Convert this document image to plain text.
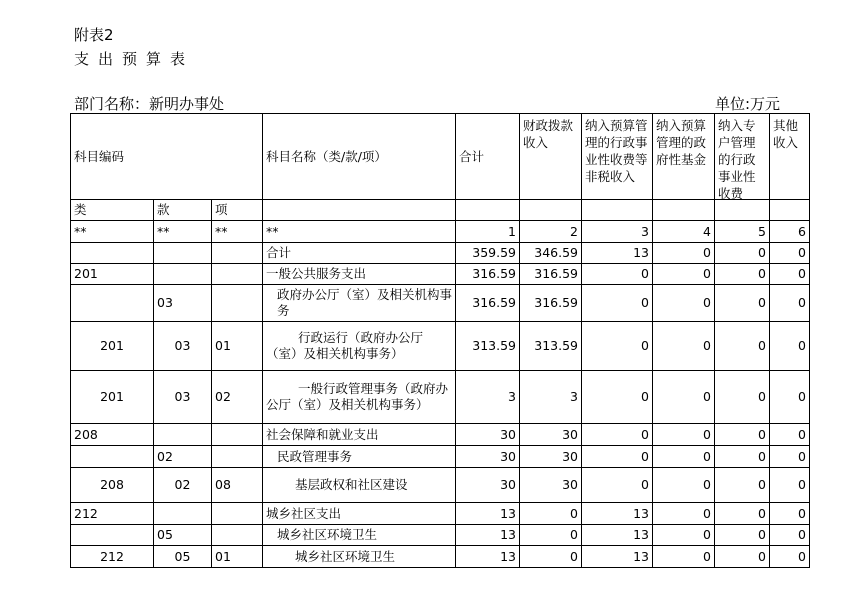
附表2
支出预算表
部门名称：新明办事处	单位:万元
科目编码			科目名称（类/款/项）	合计	财政拨款收入	纳入预算管理的行政事业性收费等非税收入	纳入预算管理的政府性基金	纳入专户管理的行政事业性收费	其他收入

类	款	项							
**	**	**	**	1	2	3	4	5	6
			合计	359.59	346.59	13	0	0	0
201			一般公共服务支出	316.59	316.59	0	0	0	0
	03		政府办公厅（室）及相关机构事务	316.59	316.59	0	0	0	0
201	03	01	行政运行（政府办公厅（室）及相关机构事务）	313.59	313.59	0	0	0	0
201	03	02	一般行政管理事务（政府办公厅（室）及相关机构事务）	3	3	0	0	0	0
208			社会保障和就业支出	30	30	0	0	0	0
	02		民政管理事务	30	30	0	0	0	0
208	02	08	基层政权和社区建设	30	30	0	0	0	0
212			城乡社区支出	13	0	13	0	0	0
	05		城乡社区环境卫生	13	0	13	0	0	0
212	05	01	城乡社区环境卫生	13	0	13	0	0	0
